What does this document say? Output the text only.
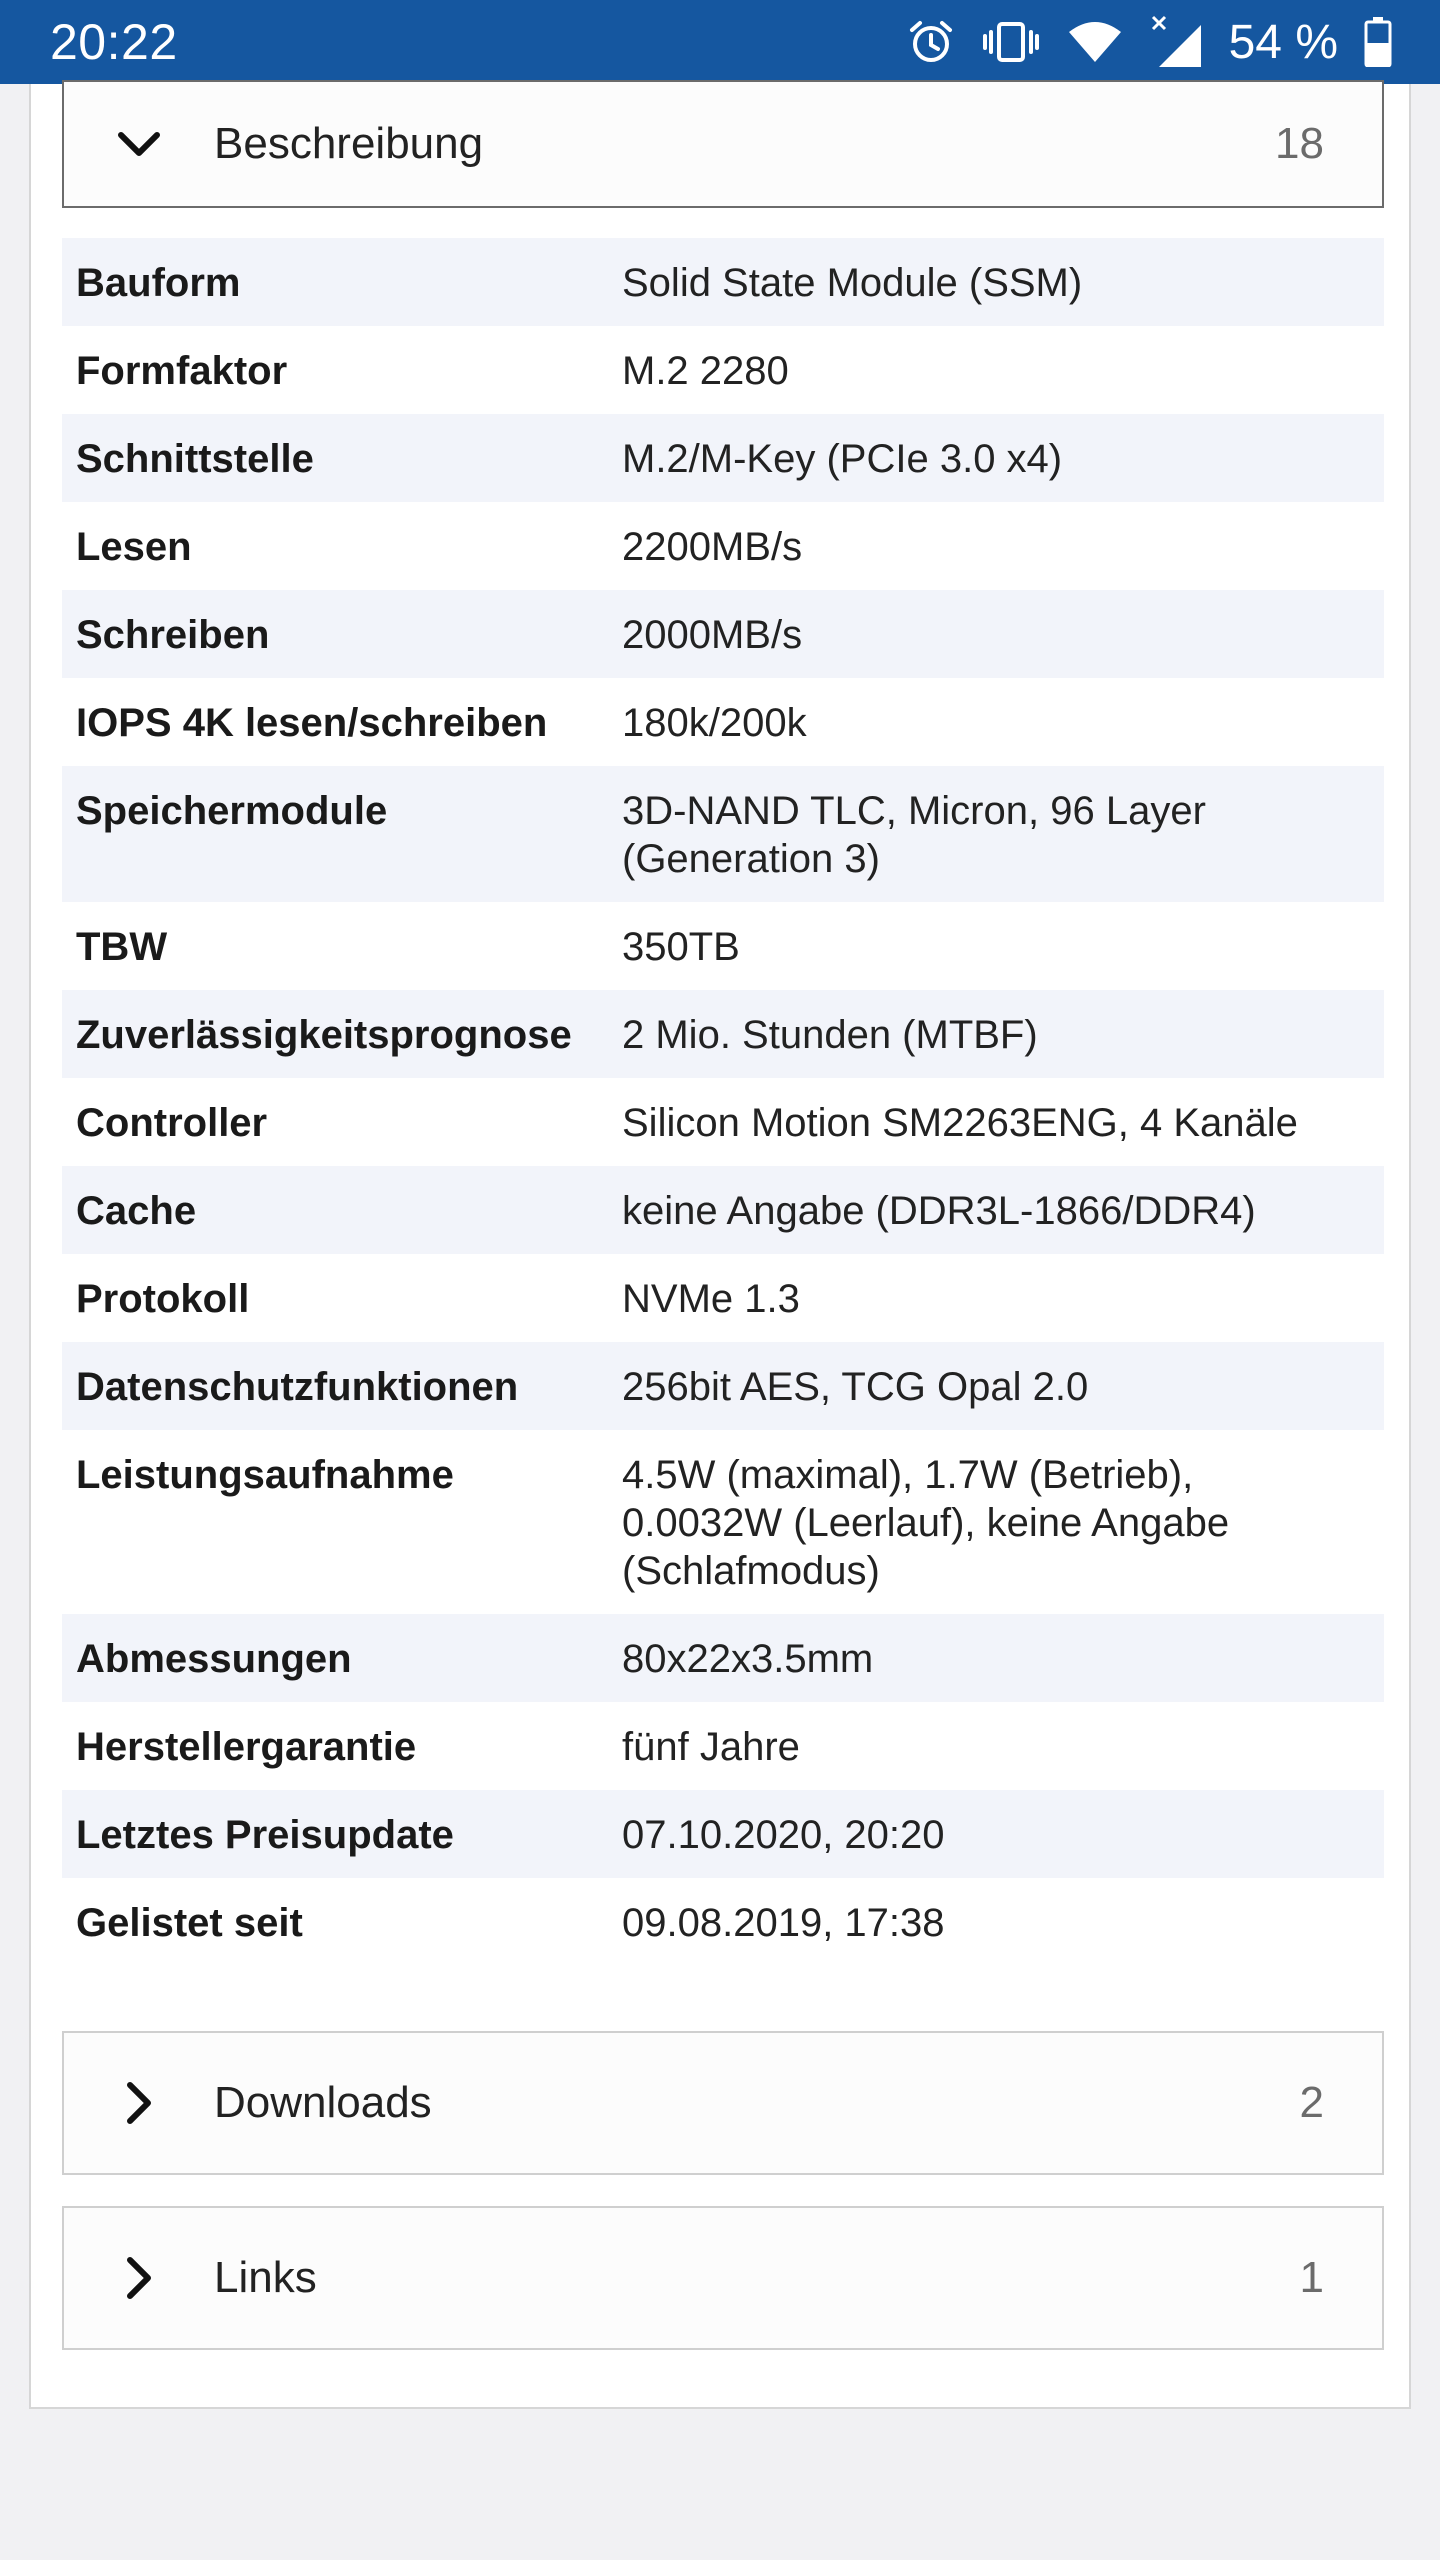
20:22	54 %
Beschreibung	18
Bauform	Solid State Module (SSM)
Formfaktor	M.2 2280
Schnittstelle	M.2/M-Key (PCIe 3.0 x4)
Lesen	2200MB/s
Schreiben	2000MB/s
IOPS 4K lesen/schreiben	180k/200k
Speichermodule	3D-NAND TLC, Micron, 96 Layer (Generation 3)
TBW	350TB
Zuverlässigkeitsprognose	2 Mio. Stunden (MTBF)
Controller	Silicon Motion SM2263ENG, 4 Kanäle
Cache	keine Angabe (DDR3L-1866/DDR4)
Protokoll	NVMe 1.3
Datenschutzfunktionen	256bit AES, TCG Opal 2.0
Leistungsaufnahme	4.5W (maximal), 1.7W (Betrieb), 0.0032W (Leerlauf), keine Angabe (Schlafmodus)
Abmessungen	80x22x3.5mm
Herstellergarantie	fünf Jahre
Letztes Preisupdate	07.10.2020, 20:20
Gelistet seit	09.08.2019, 17:38
Downloads	2
Links	1
